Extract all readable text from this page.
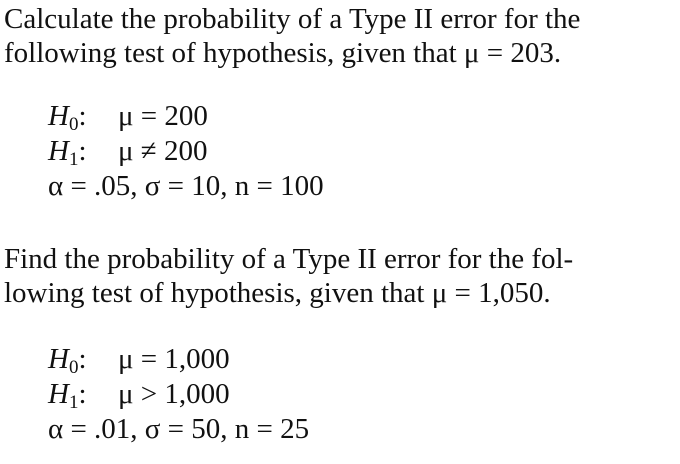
Calculate the probability of a Type II error for the
following test of hypothesis, given that μ = 203.
$H_0$: μ = 200
$H_1$: μ ≠ 200
α = .05, σ = 10, n = 100
Find the probability of a Type II error for the fol-
lowing test of hypothesis, given that μ = 1,050.
$H_0$: μ = 1,000
$H_1$: μ > 1,000
α = .01, σ = 50, n = 25
